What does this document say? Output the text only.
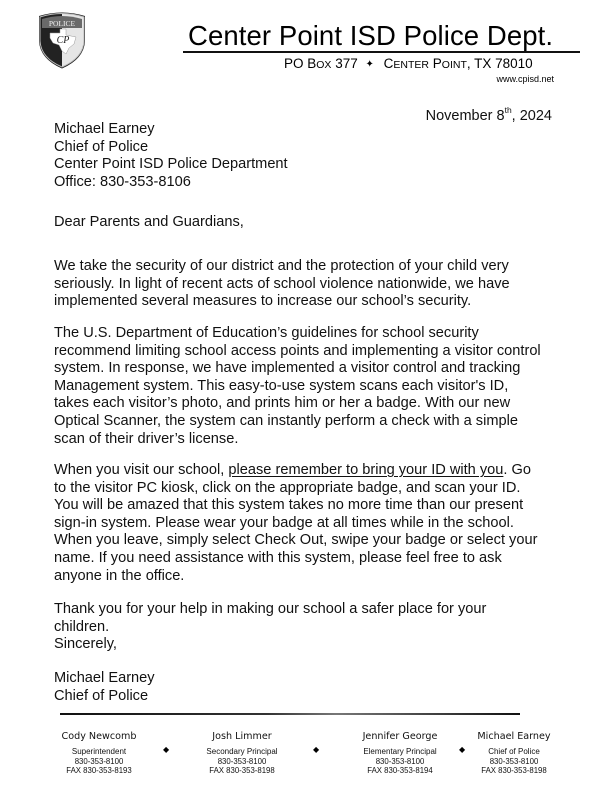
POLICE
CP	Center Point ISD Police Dept.
PO BOX 377 ✦ CENTER POINT, TX 78010
www.cpisd.net
November 8th, 2024
Michael Earney
Chief of Police
Center Point ISD Police Department
Office: 830-353-8106
Dear Parents and Guardians,
We take the security of our district and the protection of your child very
seriously. In light of recent acts of school violence nationwide, we have
implemented several measures to increase our school’s security.
The U.S. Department of Education’s guidelines for school security
recommend limiting school access points and implementing a visitor control
system. In response, we have implemented a visitor control and tracking
Management system. This easy-to-use system scans each visitor's ID,
takes each visitor’s photo, and prints him or her a badge. With our new
Optical Scanner, the system can instantly perform a check with a simple
scan of their driver’s license.
When you visit our school, please remember to bring your ID with you. Go
to the visitor PC kiosk, click on the appropriate badge, and scan your ID.
You will be amazed that this system takes no more time than our present
sign-in system. Please wear your badge at all times while in the school.
When you leave, simply select Check Out, swipe your badge or select your
name. If you need assistance with this system, please feel free to ask
anyone in the office.
Thank you for your help in making our school a safer place for your
children.
Sincerely,
Michael Earney
Chief of Police
Cody Newcomb
Superintendent
830-353-8100
FAX 830-353-8193
◆
Josh Limmer
Secondary Principal
830-353-8100
FAX 830-353-8198
◆
Jennifer George
Elementary Principal
830-353-8100
FAX 830-353-8194
◆
Michael Earney
Chief of Police
830-353-8100
FAX 830-353-8198
